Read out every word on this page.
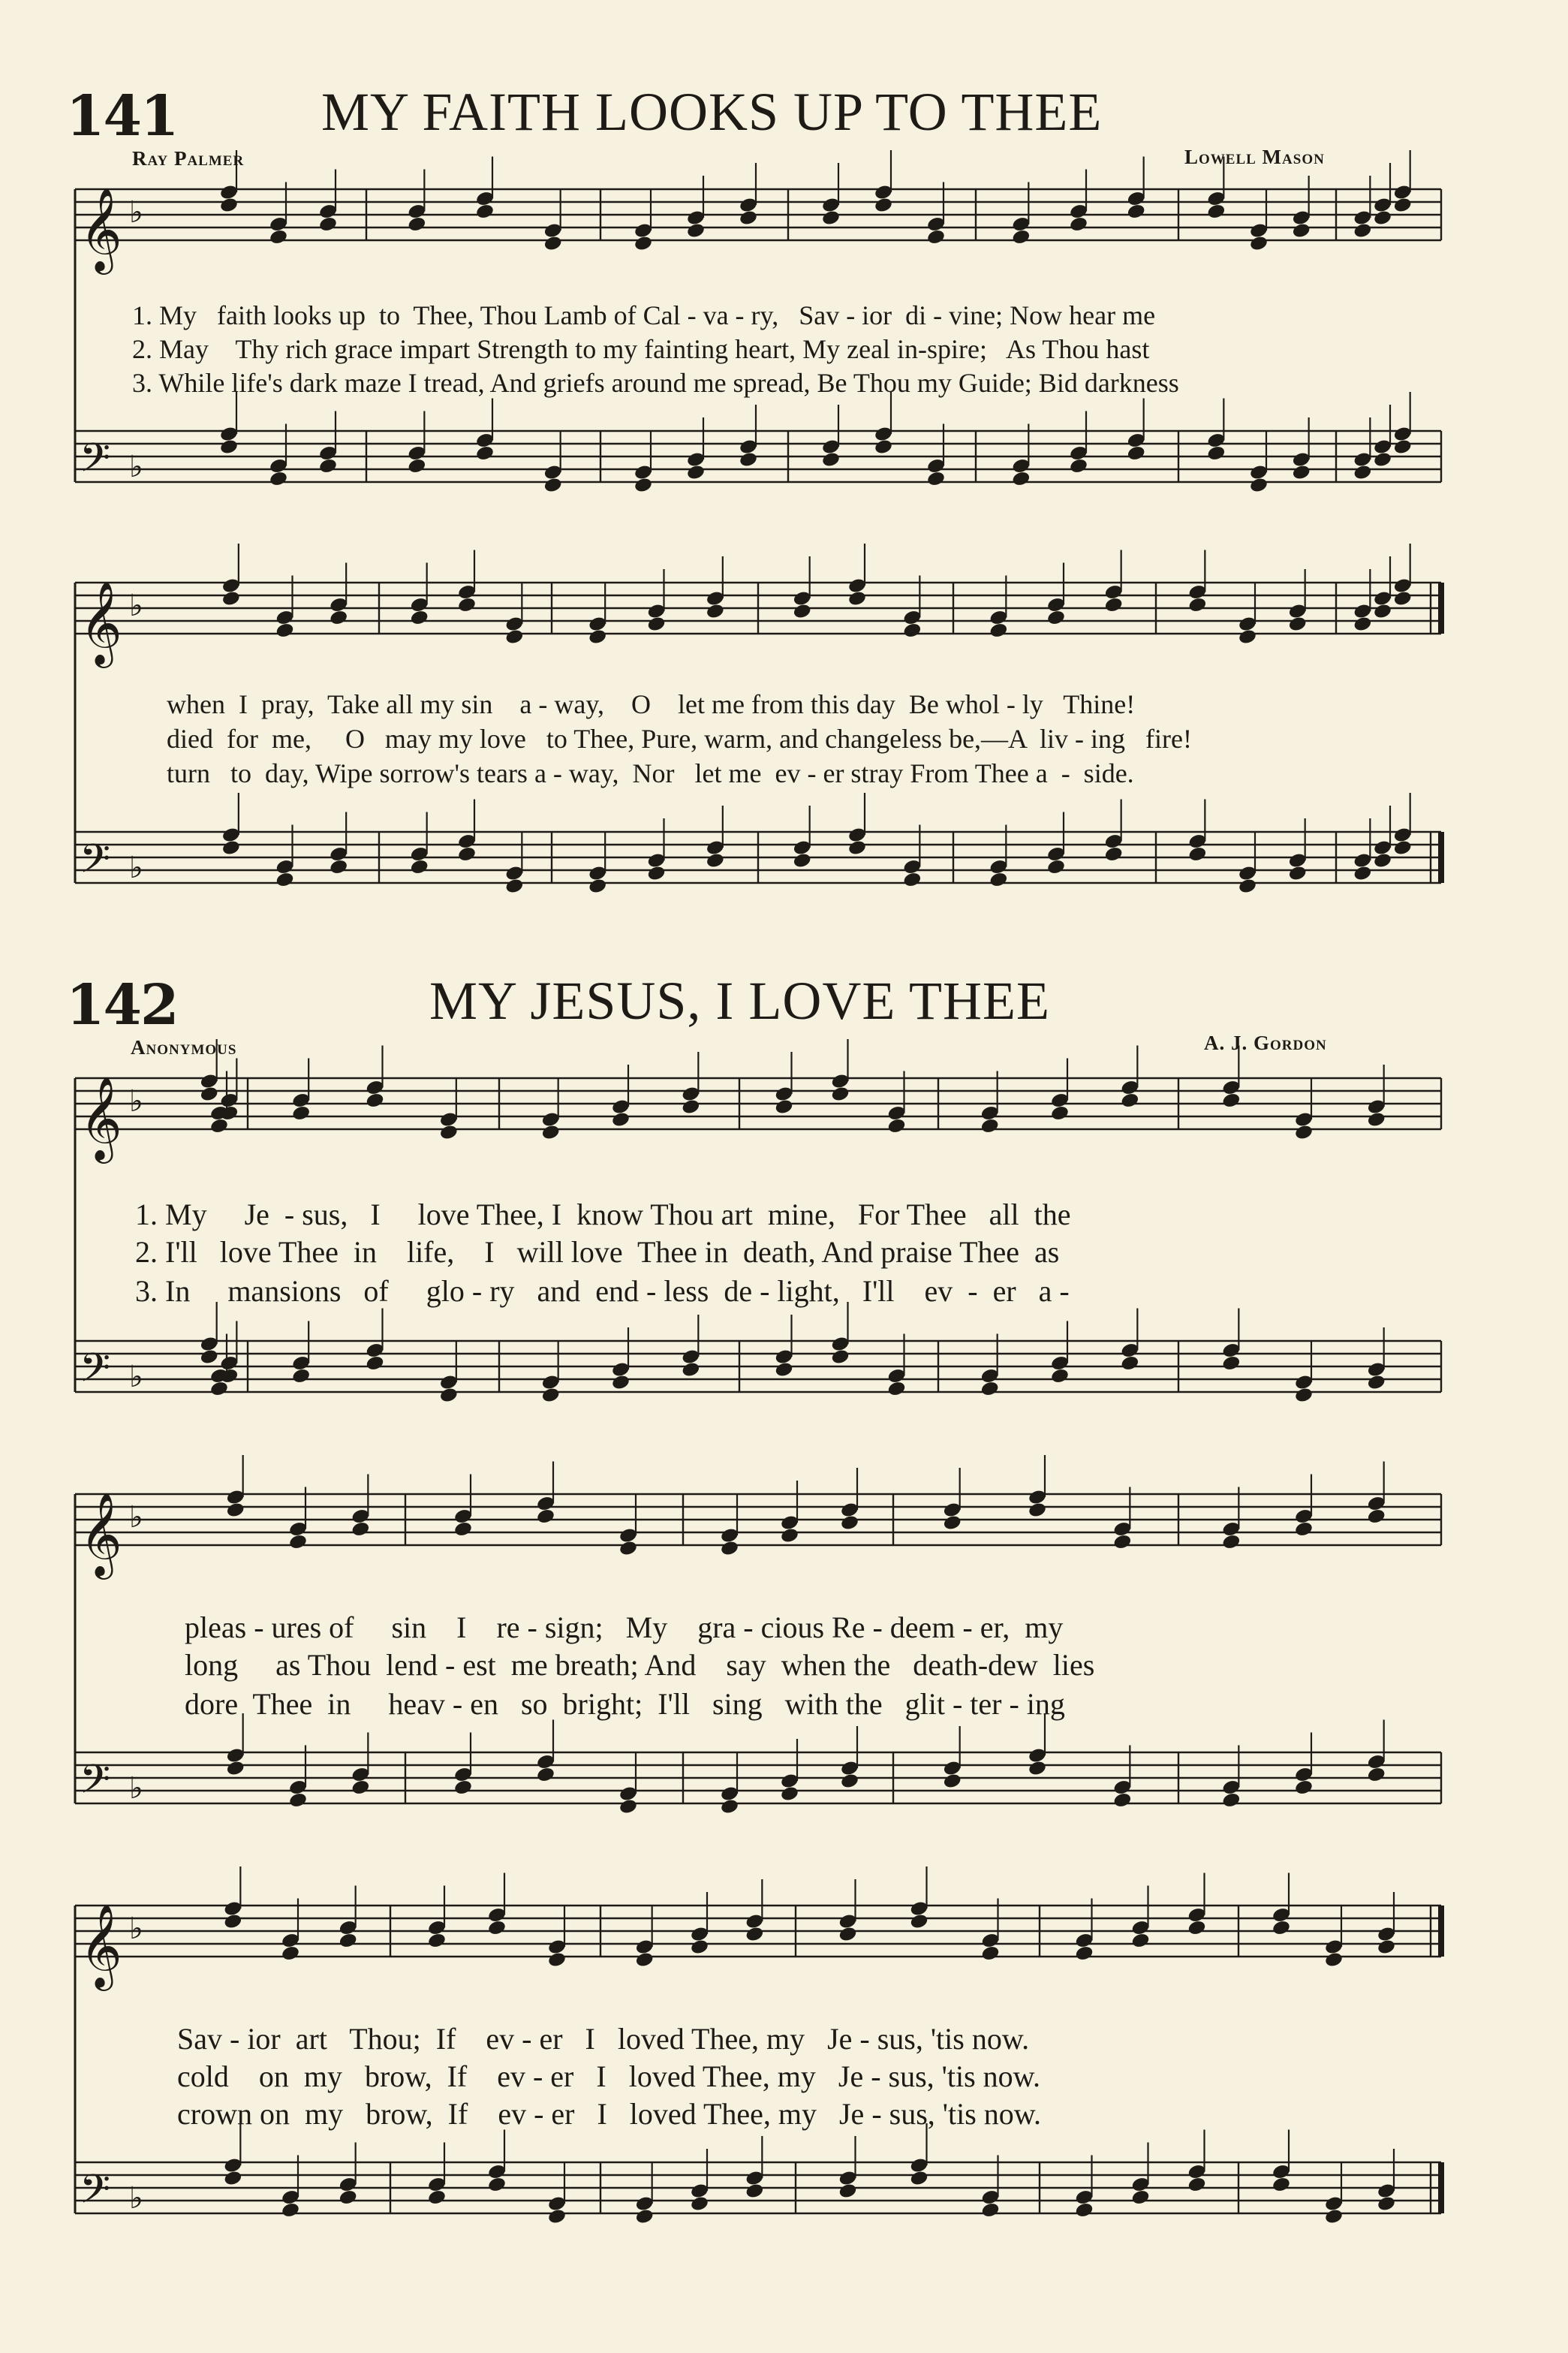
141	MY FAITH LOOKS UP TO THEE
Ray Palmer	Lowell Mason
142	MY JESUS, I LOVE THEE
Anonymous	A. J. Gordon
𝄞 ♭
𝄢 ♭
𝄞 ♭
𝄢 ♭
𝄞 ♭
𝄢 ♭
𝄞 ♭
𝄢 ♭
𝄞 ♭
𝄢 ♭
1. My   faith looks up  to  Thee, Thou Lamb of Cal - va - ry,   Sav - ior  di - vine; Now hear me
2. May    Thy rich grace impart Strength to my fainting heart, My zeal in-spire;   As Thou hast
3. While life's dark maze I tread, And griefs around me spread, Be Thou my Guide; Bid darkness
when  I  pray,  Take all my sin    a - way,    O    let me from this day  Be whol - ly   Thine!
died  for  me,     O   may my love   to Thee, Pure, warm, and changeless be,—A  liv - ing   fire!
turn   to  day, Wipe sorrow's tears a - way,  Nor   let me  ev - er stray From Thee a  -  side.
1. My     Je  - sus,   I     love Thee, I  know Thou art  mine,   For Thee   all  the
2. I'll   love Thee  in    life,    I   will love  Thee in  death, And praise Thee  as
3. In     mansions   of     glo - ry   and  end - less  de - light,   I'll    ev  -  er   a -
pleas - ures of     sin    I    re - sign;   My    gra - cious Re - deem - er,  my
long     as Thou  lend - est  me breath; And    say  when the   death-dew  lies
dore  Thee  in     heav - en   so  bright;  I'll   sing   with the   glit - ter - ing
Sav - ior  art   Thou;  If    ev - er   I   loved Thee, my   Je - sus, 'tis now.
cold    on  my   brow,  If    ev - er   I   loved Thee, my   Je - sus, 'tis now.
crown on  my   brow,  If    ev - er   I   loved Thee, my   Je - sus, 'tis now.
